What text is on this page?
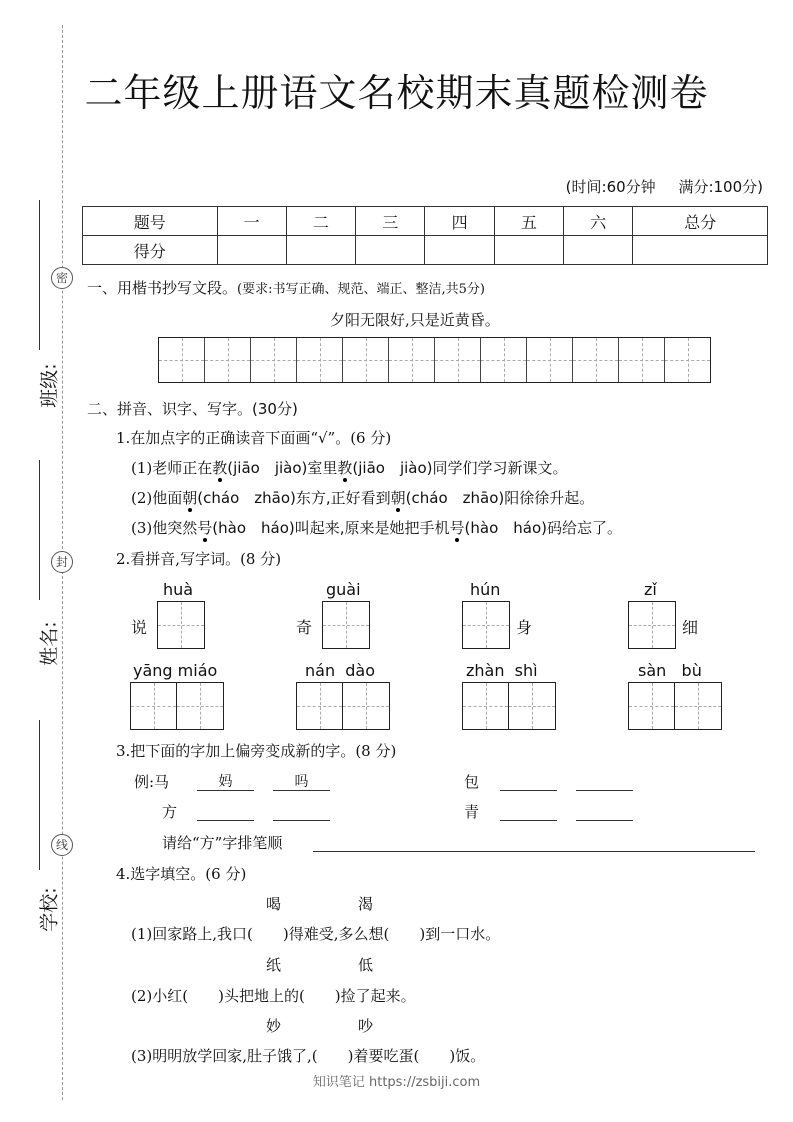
密
封
线
班级:
姓名:
学校:
二年级上册语文名校期末真题检测卷
(时间:60分钟 满分:100分)
题号	一	二	三	四	五	六	总分
得分							
一、用楷书抄写文段。(要求:书写正确、规范、端正、整洁,共5分)
夕阳无限好,只是近黄昏。
二、拼音、识字、写字。(30分)
1.在加点字的正确读音下面画“√”。(6 分)
(1)老师正在教(jiāo　jiào)室里教(jiāo　jiào)同学们学习新课文。
(2)他面朝(cháo　zhāo)东方,正好看到朝(cháo　zhāo)阳徐徐升起。
(3)他突然号(hào　háo)叫起来,原来是她把手机号(hào　háo)码给忘了。
2.看拼音,写字词。(8 分)
huà
说
guài
奇
hún
身
zǐ
细
yāng miáo	nán  dào	zhàn  shì	sàn   bù
3.把下面的字加上偏旁变成新的字。(8 分)
例:马	妈	吗	包
方	青
请给“方”字排笔顺
4.选字填空。(6 分)
喝	渴
(1)回家路上,我口(　　)得难受,多么想(　　)到一口水。
纸	低
(2)小红(　　)头把地上的(　　)捡了起来。
妙	吵
(3)明明放学回家,肚子饿了,(　　)着要吃蛋(　　)饭。
知识笔记 https://zsbiji.com
